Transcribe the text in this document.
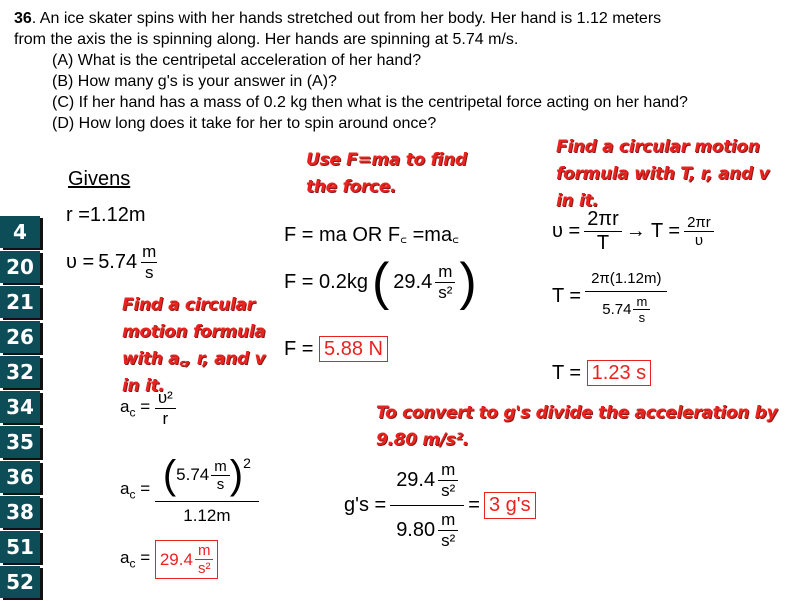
36. An ice skater spins with her hands stretched out from her body. Her hand is 1.12 meters
from the axis the is spinning along. Her hands are spinning at 5.74 m/s.
(A) What is the centripetal acceleration of her hand?
(B) How many g's is your answer in (A)?
(C) If her hand has a mass of 0.2 kg then what is the centripetal force acting on her hand?
(D) How long does it take for her to spin around once?
4
20
21
26
32
34
35
36
38
51
52
Givens
r =1.12m
$\upsilon = 5.74 \frac{m}{s}$
Find a circular motion formula with a꜀, r, and v in it.
$a_c = \frac{\text{υ²}}{r}$
$a_c$ = ( $5.74 \frac{m}{s} )^2$
1.12m
$a_c = 29.4 \frac{m}{\text{s²}}$
Use F=ma to find
the force.
F = ma OR F꜀ =ma꜀
F = 0.2kg ( $29.4 \frac{m}{\text{s²}}$ )
F = 5.88 N
Find a circular motion
formula with T, r, and v
in it.
$\upsilon = \frac{2\pi r}{T} \to T = \frac{2\pi r}{\upsilon}$
$T = \frac{2\pi(1.12m)}{5.74 \frac{m}{s}}$
T = 1.23 s
To convert to g's divide the acceleration by
9.80 m/s².
$g's = \frac{29.4 \frac{m}{\text{s²}}}{9.80 \frac{m}{\text{s²}}} = 3$ g's
